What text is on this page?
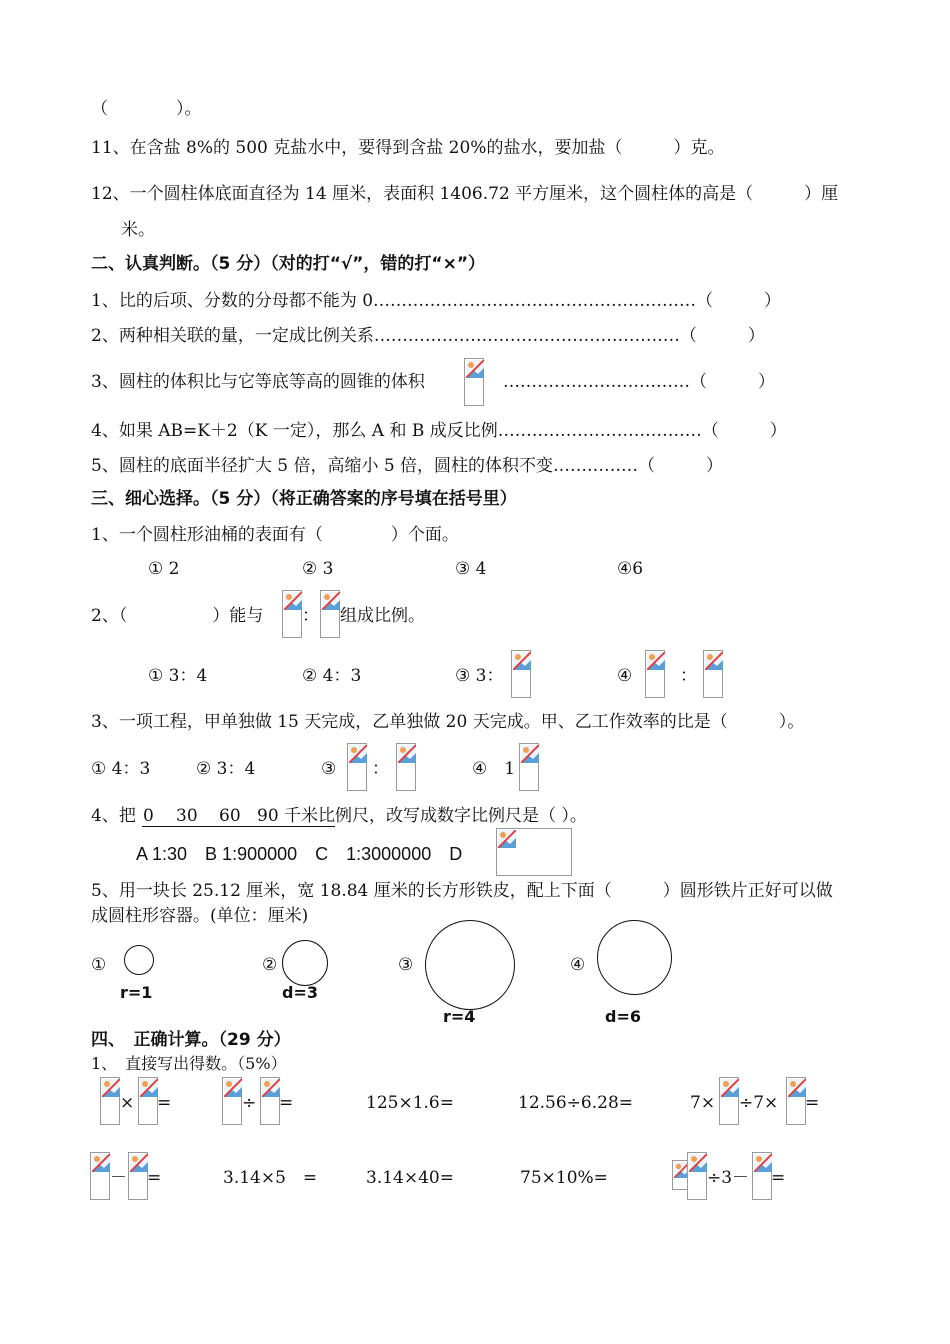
（　　　　）。
11、在含盐 8%的 500 克盐水中，要得到含盐 20%的盐水，要加盐（　　　）克。
12、一个圆柱体底面直径为 14 厘米，表面积 1406.72 平方厘米，这个圆柱体的高是（　　　）厘
米。
二、认真判断。（5 分）（对的打“√”，错的打“×”）
1、比的后项、分数的分母都不能为 0…………………………………………………（　　　）
2、两种相关联的量，一定成比例关系………………………………………………（　　　）
3、圆柱的体积比与它等底等高的圆锥的体积	……………………………（　　　）
4、如果 AB=K＋2（K 一定），那么 A 和 B 成反比例………………………………（　　　）
5、圆柱的底面半径扩大 5 倍，高缩小 5 倍，圆柱的体积不变……………（　　　）
三、细心选择。（5 分）（将正确答案的序号填在括号里）
1、一个圆柱形油桶的表面有（　　　　）个面。
① 2	② 3	③ 4	④6
2、（　　　　　）能与 ： 组成比例。
① 3：4	② 4：3	③ 3：	④	：
3、一项工程，甲单独做 15 天完成，乙单独做 20 天完成。甲、乙工作效率的比是（　　　）。
① 4：3	② 3：4	③ ：	④　1
4、把 0 30 60 90 千米比 例尺，改写成数字比例尺是（ ）。
A 1:30　B 1:900000　C　1:3000000　D
5、用一块长 25.12 厘米，宽 18.84 厘米的长方形铁皮，配上下面（　　　）圆形铁片正好可以做
成圆柱形容器。(单位：厘米)
①
r=1
②
d=3
③
r=4
④
d=6
四、　正确计算。（29 分）
1、　直接写出得数。（5%）
× =	÷ =	125×1.6=	12.56÷6.28=	7× ÷7× =
－ =	3.14×5　=	3.14×40=	75×10%=	÷3－ =
